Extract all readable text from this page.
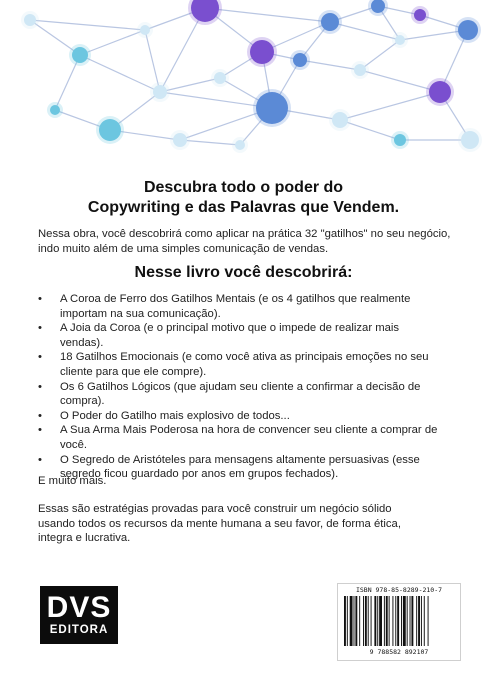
Descubra todo o poder do
Copywriting e das Palavras que Vendem.
Nessa obra, você descobrirá como aplicar na prática 32 "gatilhos" no seu negócio, indo muito além de uma simples comunicação de vendas.
Nesse livro você descobrirá:
• A Coroa de Ferro dos Gatilhos Mentais (e os 4 gatilhos que realmente
importam na sua comunicação).
• A Joia da Coroa (e o principal motivo que o impede de realizar mais
vendas).
• 18 Gatilhos Emocionais (e como você ativa as principais emoções no seu
cliente para que ele compre).
• Os 6 Gatilhos Lógicos (que ajudam seu cliente a confirmar a decisão de
compra).
• O Poder do Gatilho mais explosivo de todos...
• A Sua Arma Mais Poderosa na hora de convencer seu cliente a comprar de
você.
• O Segredo de Aristóteles para mensagens altamente persuasivas (esse
segredo ficou guardado por anos em grupos fechados).
E muito mais.
Essas são estratégias provadas para você construir um negócio sólido
usando todos os recursos da mente humana a seu favor, de forma ética,
integra e lucrativa.
DVS
EDITORA
ISBN 978-85-8289-210-7
9 788582 892107
